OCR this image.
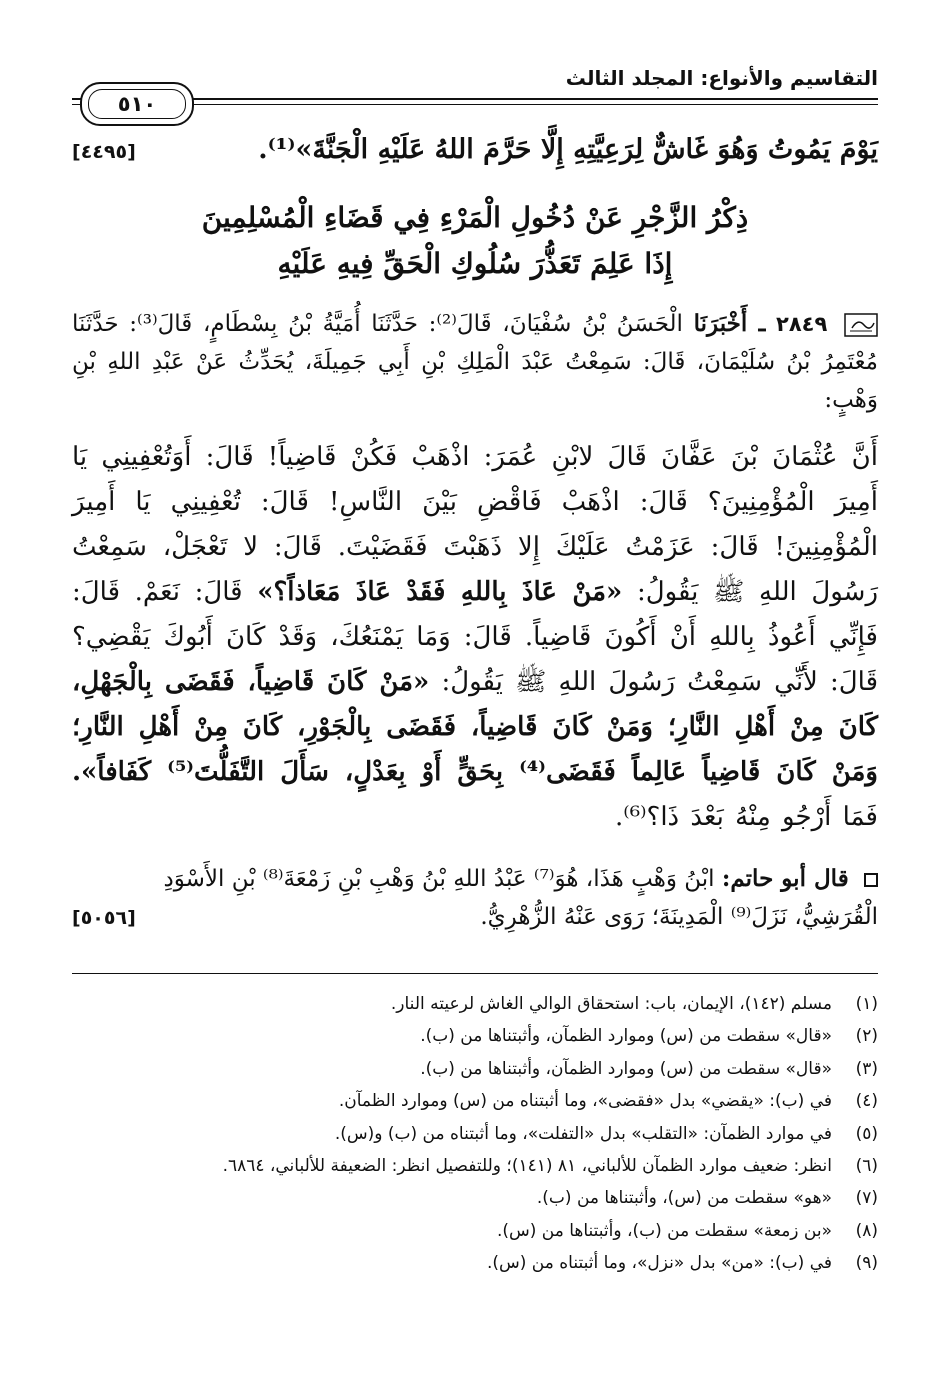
التقاسيم والأنواع: المجلد الثالث
٥١٠
يَوْمَ يَمُوتُ وَهُوَ غَاشٌّ لِرَعِيَّتِهِ إِلَّا حَرَّمَ اللهُ عَلَيْهِ الْجَنَّةَ»⁽¹⁾.
[٤٤٩٥]
ذِكْرُ الزَّجْرِ عَنْ دُخُولِ الْمَرْءِ فِي قَضَاءِ الْمُسْلِمِينَ
إِذَا عَلِمَ تَعَذُّرَ سُلُوكِ الْحَقِّ فِيهِ عَلَيْهِ
٢٨٤٩ ـ أَخْبَرَنَا الْحَسَنُ بْنُ سُفْيَانَ، قَالَ⁽²⁾: حَدَّثَنَا أُمَيَّةُ بْنُ بِسْطَامٍ، قَالَ⁽³⁾: حَدَّثَنَا مُعْتَمِرُ بْنُ سُلَيْمَانَ، قَالَ: سَمِعْتُ عَبْدَ الْمَلِكِ بْنِ أَبِي جَمِيلَةَ، يُحَدِّثُ عَنْ عَبْدِ اللهِ بْنِ وَهْبٍ:
أَنَّ عُثْمَانَ بْنَ عَفَّانَ قَالَ لابْنِ عُمَرَ: اذْهَبْ فَكُنْ قَاضِياً! قَالَ: أَوَتُعْفِينِي يَا أَمِيرَ الْمُؤْمِنِينَ؟ قَالَ: اذْهَبْ فَاقْضِ بَيْنَ النَّاسِ! قَالَ: تُعْفِينِي يَا أَمِيرَ الْمُؤْمِنِينَ! قَالَ: عَزَمْتُ عَلَيْكَ إِلا ذَهَبْتَ فَقَضَيْتَ. قَالَ: لا تَعْجَلْ، سَمِعْتُ رَسُولَ اللهِ ﷺ يَقُولُ: «مَنْ عَاذَ بِاللهِ فَقَدْ عَاذَ مَعَاذاً؟» قَالَ: نَعَمْ. قَالَ: فَإِنِّي أَعُوذُ بِاللهِ أَنْ أَكُونَ قَاضِياً. قَالَ: وَمَا يَمْنَعُكَ، وَقَدْ كَانَ أَبُوكَ يَقْضِي؟ قَالَ: لأَنِّي سَمِعْتُ رَسُولَ اللهِ ﷺ يَقُولُ: «مَنْ كَانَ قَاضِياً، فَقَضَى بِالْجَهْلِ، كَانَ مِنْ أَهْلِ النَّارِ؛ وَمَنْ كَانَ قَاضِياً، فَقَضَى بِالْجَوْرِ، كَانَ مِنْ أَهْلِ النَّارِ؛ وَمَنْ كَانَ قَاضِياً عَالِماً فَقَضَى⁽⁴⁾ بِحَقٍّ أَوْ بِعَدْلٍ، سَأَلَ التَّفَلُّتَ⁽⁵⁾ كَفَافاً». فَمَا أَرْجُو مِنْهُ بَعْدَ ذَا؟⁽⁶⁾.
قال أبو حاتم: ابْنُ وَهْبٍ هَذَا، هُوَ⁽⁷⁾ عَبْدُ اللهِ بْنُ وَهْبِ بْنِ زَمْعَةَ⁽⁸⁾ بْنِ الأَسْوَدِ
الْقُرَشِيُّ، نَزَلَ⁽⁹⁾ الْمَدِينَةَ؛ رَوَى عَنْهُ الزُّهْرِيُّ.
[٥٠٥٦]
(١)
مسلم (١٤٢)، الإيمان، باب: استحقاق الوالي الغاش لرعيته النار.
(٢)
«قال» سقطت من (س) وموارد الظمآن، وأثبتناها من (ب).
(٣)
«قال» سقطت من (س) وموارد الظمآن، وأثبتناها من (ب).
(٤)
في (ب): «يقضي» بدل «فقضى»، وما أثبتناه من (س) وموارد الظمآن.
(٥)
في موارد الظمآن: «التقلب» بدل «التفلت»، وما أثبتناه من (ب) و(س).
(٦)
انظر: ضعيف موارد الظمآن للألباني، ٨١ (١٤١)؛ وللتفصيل انظر: الضعيفة للألباني، ٦٨٦٤.
(٧)
«هو» سقطت من (س)، وأثبتناها من (ب).
(٨)
«بن زمعة» سقطت من (ب)، وأثبتناها من (س).
(٩)
في (ب): «من» بدل «نزل»، وما أثبتناه من (س).
